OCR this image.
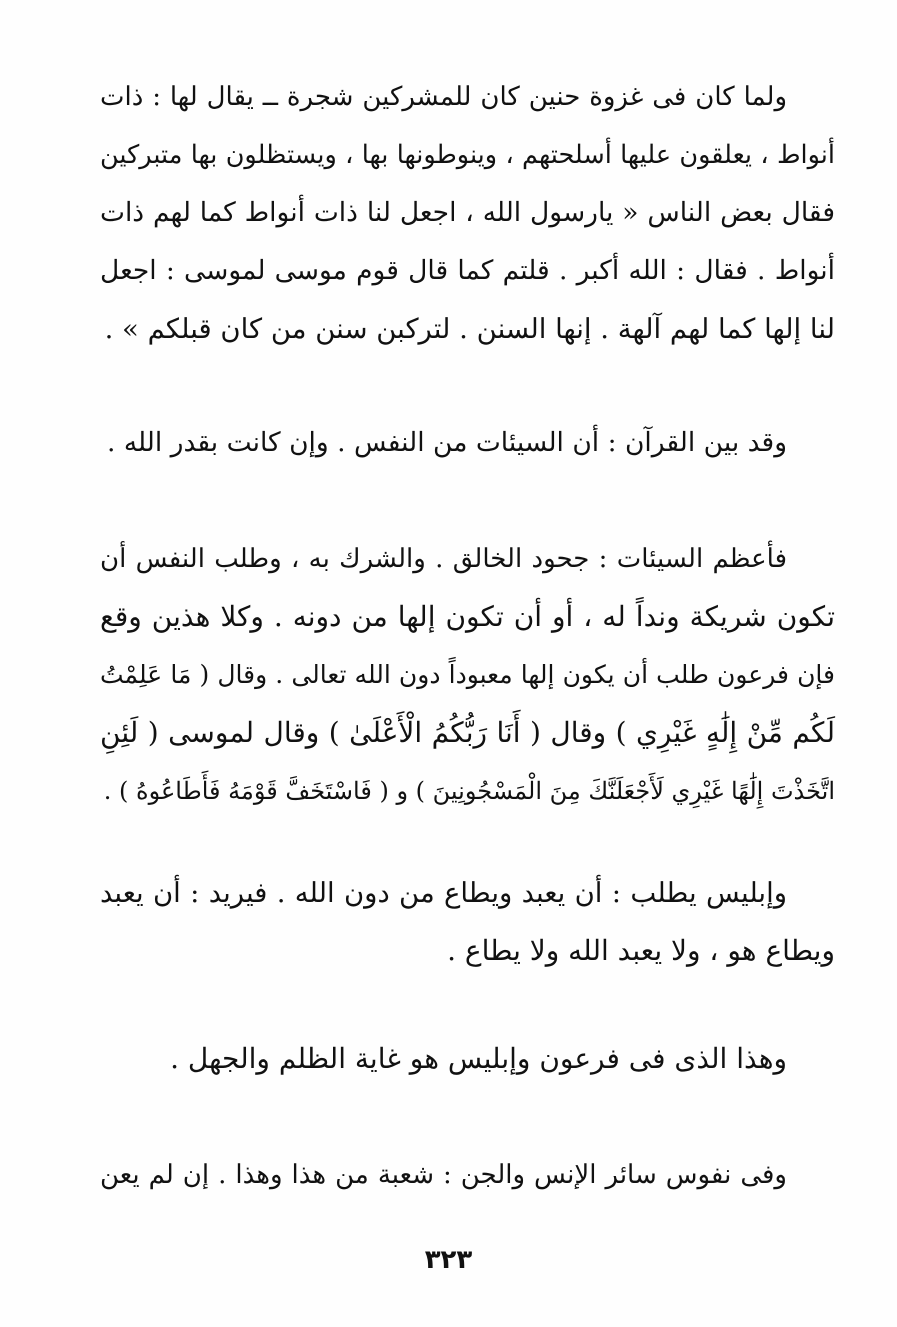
ولما كان فى غزوة حنين كان للمشركين شجرة ــ يقال لها : ذات
أنواط ، يعلقون عليها أسلحتهم ، وينوطونها بها ، ويستظلون بها متبركين
فقال بعض الناس « يارسول الله ، اجعل لنا ذات أنواط كما لهم ذات
أنواط . فقال : الله أكبر . قلتم كما قال قوم موسى لموسى : اجعل
لنا إلها كما لهم آلهة . إنها السنن . لتركبن سنن من كان قبلكم » .
وقد بين القرآن : أن السيئات من النفس . وإن كانت بقدر الله .
فأعظم السيئات : جحود الخالق . والشرك به ، وطلب النفس أن
تكون شريكة ونداً له ، أو أن تكون إلها من دونه . وكلا هذين وقع
فإن فرعون طلب أن يكون إلها معبوداً دون الله تعالى . وقال ( مَا عَلِمْتُ
لَكُم مِّنْ إِلَٰهٍ غَيْرِي ) وقال ( أَنَا رَبُّكُمُ الْأَعْلَىٰ ) وقال لموسى ( لَئِنِ
اتَّخَذْتَ إِلَٰهًا غَيْرِي لَأَجْعَلَنَّكَ مِنَ الْمَسْجُونِينَ ) و ( فَاسْتَخَفَّ قَوْمَهُ فَأَطَاعُوهُ ) .
وإبليس يطلب : أن يعبد ويطاع من دون الله . فيريد : أن يعبد
ويطاع هو ، ولا يعبد الله ولا يطاع .
وهذا الذى فى فرعون وإبليس هو غاية الظلم والجهل .
وفى نفوس سائر الإنس والجن : شعبة من هذا وهذا . إن لم يعن
٣٢٣
